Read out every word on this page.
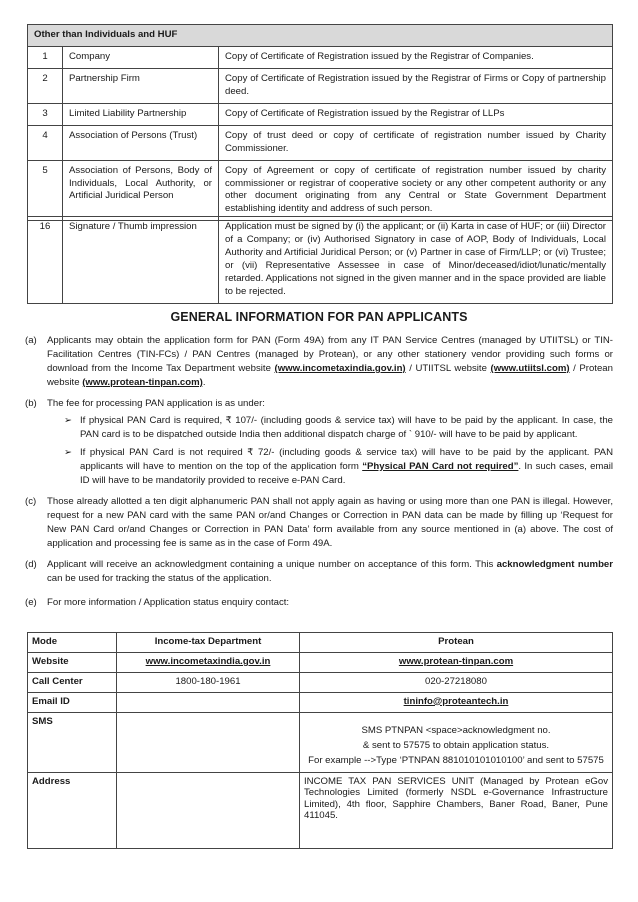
Other than Individuals and HUF		
1	Company	Copy of Certificate of Registration issued by the Registrar of Companies.
2	Partnership Firm	Copy of Certificate of Registration issued by the Registrar of Firms or Copy of partnership deed.
3	Limited Liability Partnership	Copy of Certificate of Registration issued by the Registrar of LLPs
4	Association of Persons (Trust)	Copy of trust deed or copy of certificate of registration number issued by Charity Commissioner.
5	Association of Persons, Body of Individuals, Local Authority, or Artificial Juridical Person	Copy of Agreement or copy of certificate of registration number issued by charity commissioner or registrar of cooperative society or any other competent authority or any other document originating from any Central or State Government Department establishing identity and address of such person.
16	Signature / Thumb impression	Application must be signed by (i) the applicant; or (ii) Karta in case of HUF; or (iii) Director of a Company; or (iv) Authorised Signatory in case of AOP, Body of Individuals, Local Authority and Artificial Juridical Person; or (v) Partner in case of Firm/LLP; or (vi) Trustee; or (vii) Representative Assessee in case of Minor/deceased/idiot/lunatic/mentally retarded. Applications not signed in the given manner and in the space provided are liable to be rejected.
GENERAL INFORMATION FOR PAN APPLICANTS
(a) Applicants may obtain the application form for PAN (Form 49A) from any IT PAN Service Centres (managed by UTIITSL) or TIN-Facilitation Centres (TIN-FCs) / PAN Centres (managed by Protean), or any other stationery vendor providing such forms or download from the Income Tax Department website (www.incometaxindia.gov.in) / UTIITSL website (www.utiitsl.com) / Protean website (www.protean-tinpan.com).
(b) The fee for processing PAN application is as under:
➢ If physical PAN Card is required, ₹ 107/- (including goods & service tax) will have to be paid by the applicant. In case, the PAN card is to be dispatched outside India then additional dispatch charge of ` 910/- will have to be paid by applicant.
➢ If physical PAN Card is not required ₹ 72/- (including goods & service tax) will have to be paid by the applicant. PAN applicants will have to mention on the top of the application form “Physical PAN Card not required”. In such cases, email ID will have to be mandatorily provided to receive e-PAN Card.
(c) Those already allotted a ten digit alphanumeric PAN shall not apply again as having or using more than one PAN is illegal. However, request for a new PAN card with the same PAN or/and Changes or Correction in PAN data can be made by filling up ‘Request for New PAN Card or/and Changes or Correction in PAN Data’ form available from any source mentioned in (a) above. The cost of application and processing fee is same as in the case of Form 49A.
(d) Applicant will receive an acknowledgment containing a unique number on acceptance of this form. This acknowledgment number can be used for tracking the status of the application.
(e) For more information / Application status enquiry contact:
Mode	Income-tax Department	Protean
Website	www.incometaxindia.gov.in	www.protean-tinpan.com
Call Center	1800-180-1961	020-27218080
Email ID		tininfo@proteantech.in
SMS		SMS PTNPAN <space>acknowledgment no.
& sent to 57575 to obtain application status.
For example -->Type ‘PTNPAN 881010101010100’ and sent to 57575

Address		INCOME TAX PAN SERVICES UNIT (Managed by Protean eGov Technologies Limited (formerly NSDL e-Governance Infrastructure Limited), 4th floor, Sapphire Chambers, Baner Road, Baner, Pune 411045.
